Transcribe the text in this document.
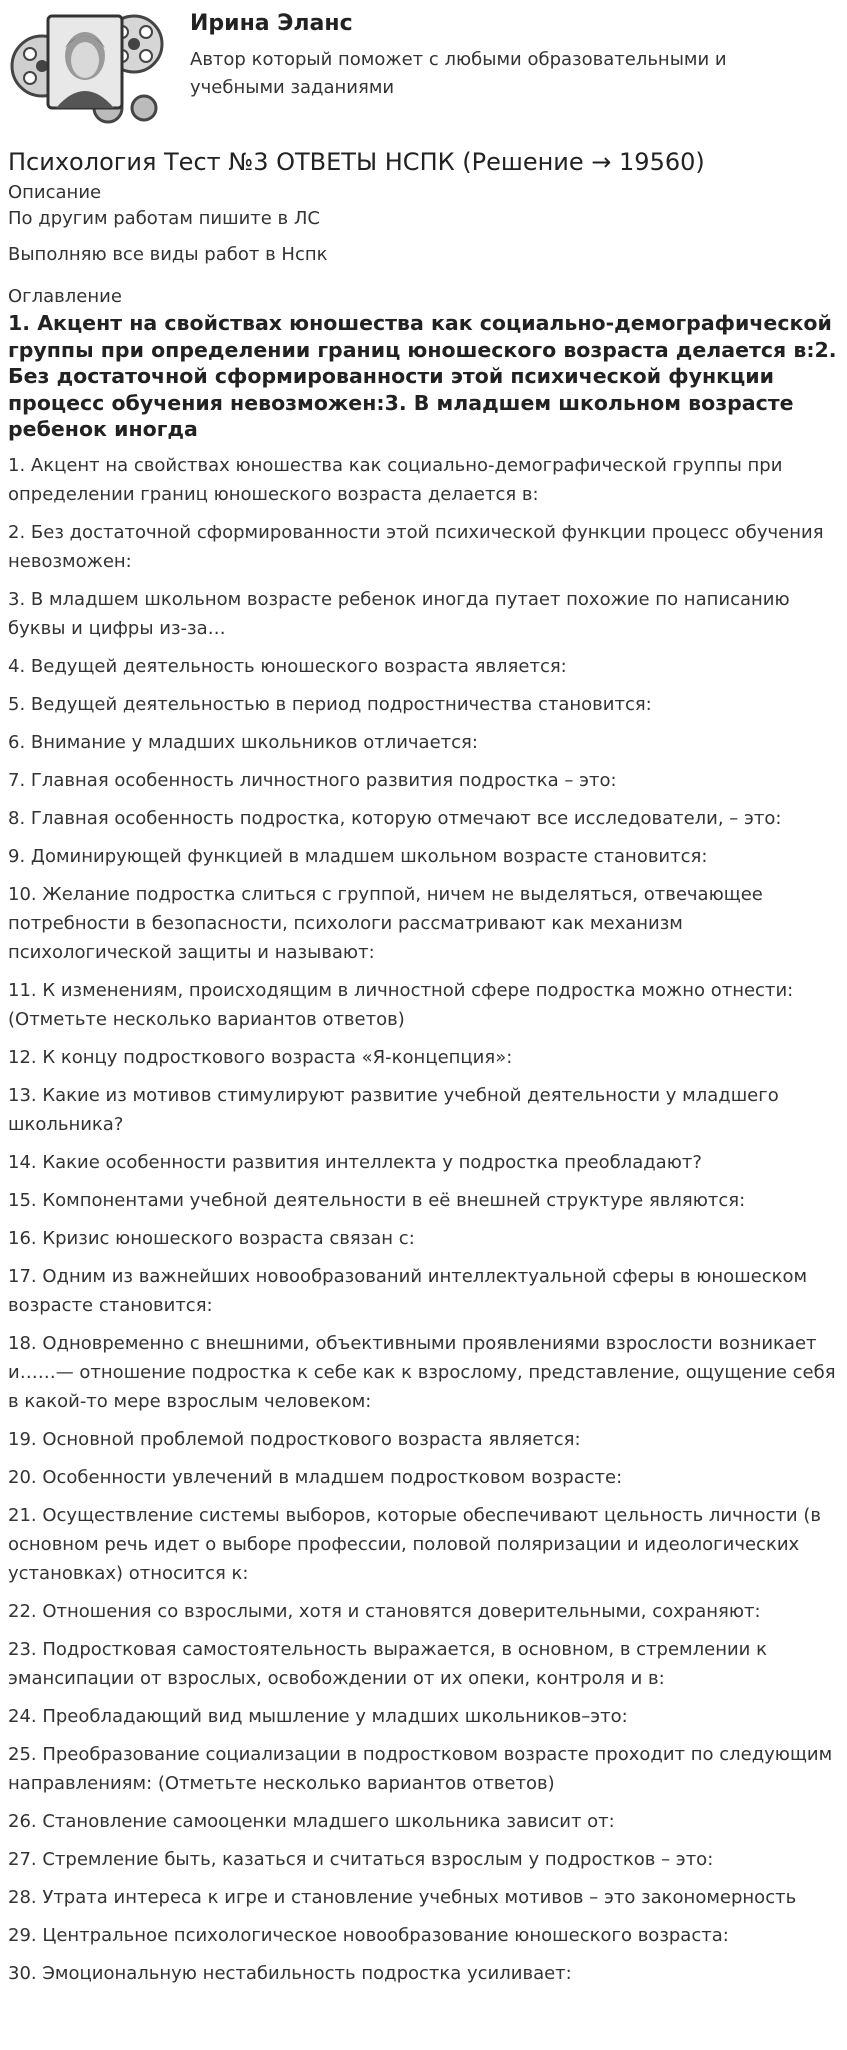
Ирина Эланс
Автор который поможет с любыми образовательными и учебными заданиями
Психология Тест №3 ОТВЕТЫ НСПК (Решение → 19560)
Описание
По другим работам пишите в ЛС
Выполняю все виды работ в Нспк
Оглавление
1. Акцент на свойствах юношества как социально-демографической группы при определении границ юношеского возраста делается в:2. Без достаточной сформированности этой психической функции процесс обучения невозможен:3. В младшем школьном возрасте ребенок иногда
1. Акцент на свойствах юношества как социально-демографической группы при определении границ юношеского возраста делается в:
2. Без достаточной сформированности этой психической функции процесс обучения невозможен:
3. В младшем школьном возрасте ребенок иногда путает похожие по написанию буквы и цифры из-за…
4. Ведущей деятельность юношеского возраста является:
5. Ведущей деятельностью в период подростничества становится:
6. Внимание у младших школьников отличается:
7. Главная особенность личностного развития подростка – это:
8. Главная особенность подростка, которую отмечают все исследователи, – это:
9. Доминирующей функцией в младшем школьном возрасте становится:
10. Желание подростка слиться с группой, ничем не выделяться, отвечающее потребности в безопасности, психологи рассматривают как механизм психологической защиты и называют:
11. К изменениям, происходящим в личностной сфере подростка можно отнести: (Отметьте несколько вариантов ответов)
12. К концу подросткового возраста «Я-концепция»:
13. Какие из мотивов стимулируют развитие учебной деятельности у младшего школьника?
14. Какие особенности развития интеллекта у подростка преобладают?
15. Компонентами учебной деятельности в её внешней структуре являются:
16. Кризис юношеского возраста связан с:
17. Одним из важнейших новообразований интеллектуальной сферы в юношеском возрасте становится:
18. Одновременно с внешними, объективными проявлениями взрослости возникает и……— отношение подростка к себе как к взрослому, представление, ощущение себя в какой-то мере взрослым человеком:
19. Основной проблемой подросткового возраста является:
20. Особенности увлечений в младшем подростковом возрасте:
21. Осуществление системы выборов, которые обеспечивают цельность личности (в основном речь идет о выборе профессии, половой поляризации и идеологических установках) относится к:
22. Отношения со взрослыми, хотя и становятся доверительными, сохраняют:
23. Подростковая самостоятельность выражается, в основном, в стремлении к эмансипации от взрослых, освобождении от их опеки, контроля и в:
24. Преобладающий вид мышление у младших школьников–это:
25. Преобразование социализации в подростковом возрасте проходит по следующим направлениям: (Отметьте несколько вариантов ответов)
26. Становление самооценки младшего школьника зависит от:
27. Стремление быть, казаться и считаться взрослым у подростков – это:
28. Утрата интереса к игре и становление учебных мотивов – это закономерность
29. Центральное психологическое новообразование юношеского возраста:
30. Эмоциональную нестабильность подростка усиливает:
